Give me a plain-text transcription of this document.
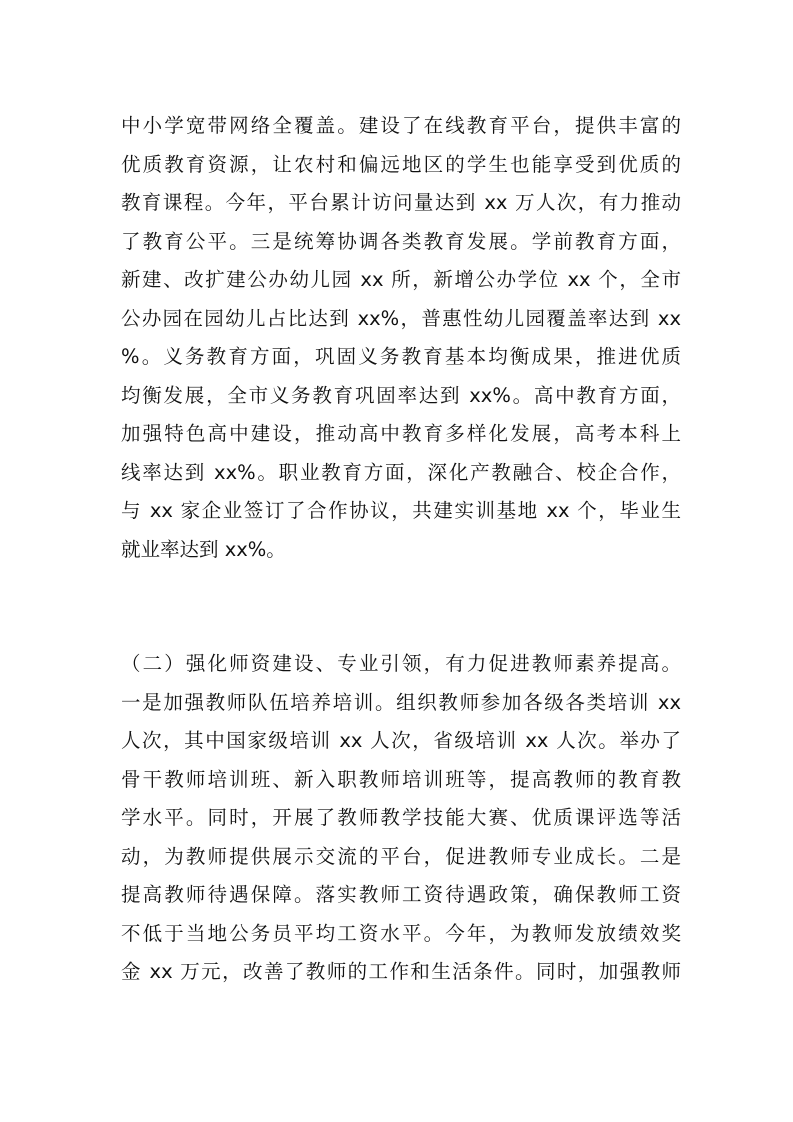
中小学宽带网络全覆盖。建设了在线教育平台，提供丰富的
优质教育资源，让农村和偏远地区的学生也能享受到优质的
教育课程。今年，平台累计访问量达到 xx 万人次，有力推动
了教育公平。三是统筹协调各类教育发展。学前教育方面，
新建、改扩建公办幼儿园 xx 所，新增公办学位 xx 个，全市
公办园在园幼儿占比达到 xx%，普惠性幼儿园覆盖率达到 xx
%。义务教育方面，巩固义务教育基本均衡成果，推进优质
均衡发展，全市义务教育巩固率达到 xx%。高中教育方面，
加强特色高中建设，推动高中教育多样化发展，高考本科上
线率达到 xx%。职业教育方面，深化产教融合、校企合作，
与 xx 家企业签订了合作协议，共建实训基地 xx 个，毕业生
就业率达到 xx%。
（二）强化师资建设、专业引领，有力促进教师素养提高。
一是加强教师队伍培养培训。组织教师参加各级各类培训 xx
人次，其中国家级培训 xx 人次，省级培训 xx 人次。举办了
骨干教师培训班、新入职教师培训班等，提高教师的教育教
学水平。同时，开展了教师教学技能大赛、优质课评选等活
动，为教师提供展示交流的平台，促进教师专业成长。二是
提高教师待遇保障。落实教师工资待遇政策，确保教师工资
不低于当地公务员平均工资水平。今年，为教师发放绩效奖
金 xx 万元，改善了教师的工作和生活条件。同时，加强教师
